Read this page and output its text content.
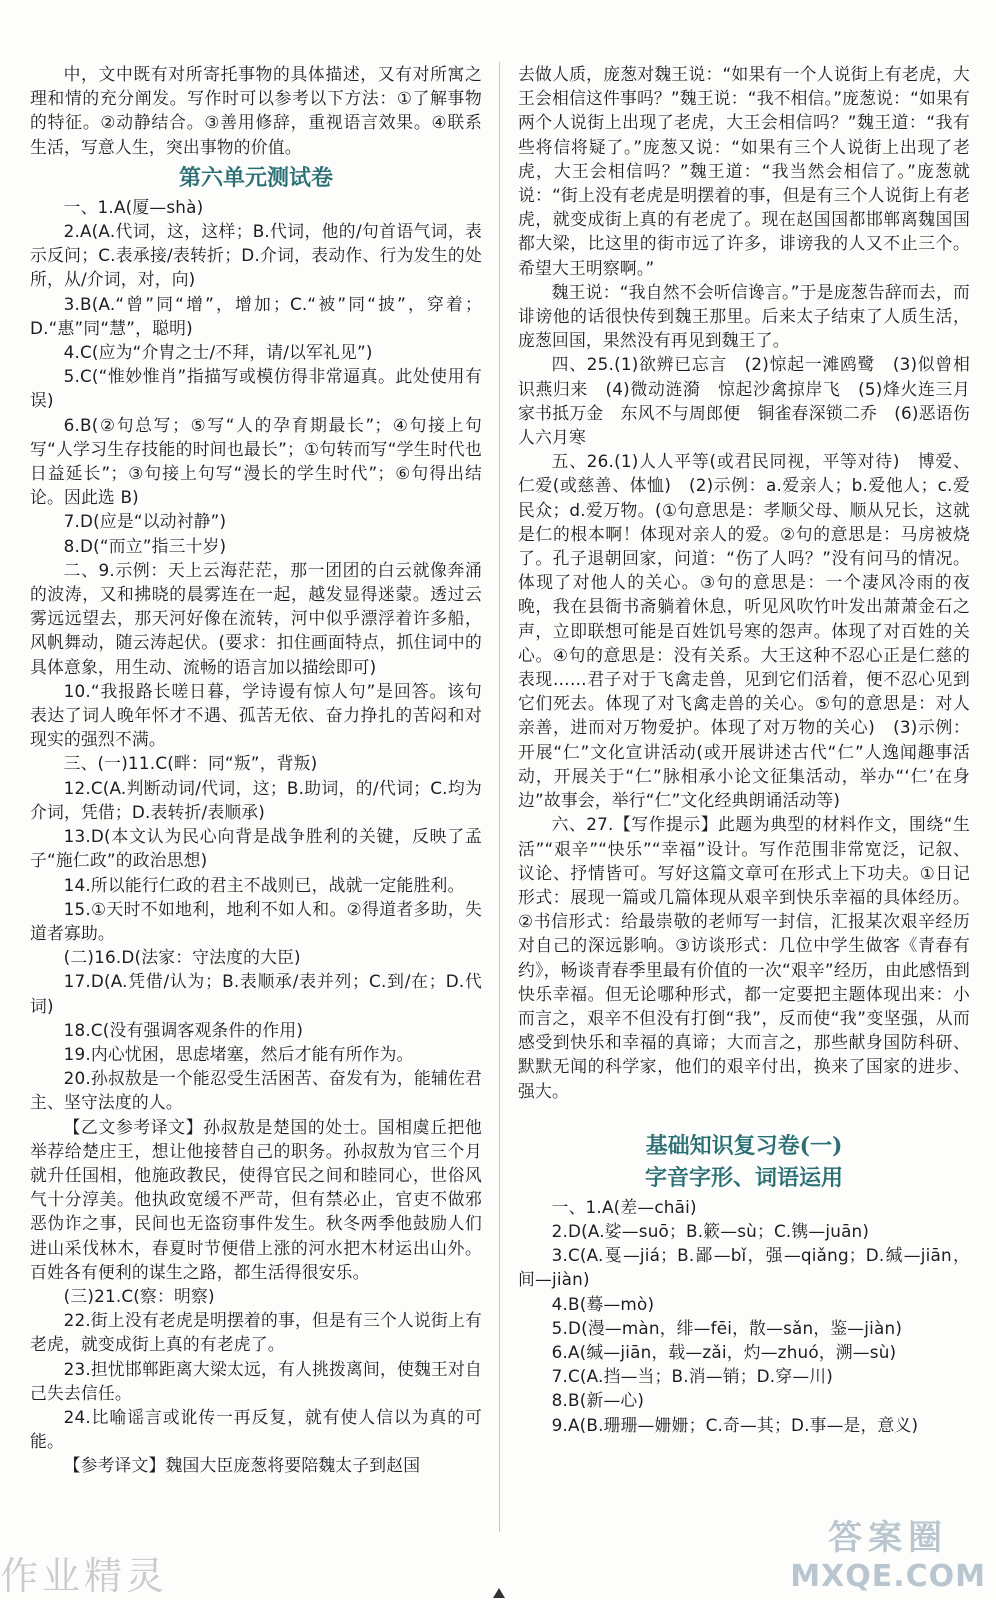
中，文中既有对所寄托事物的具体描述，又有对所寓之理和情的充分阐发。写作时可以参考以下方法：①了解事物的特征。②动静结合。③善用修辞，重视语言效果。④联系生活，写意人生，突出事物的价值。

第六单元测试卷

一、1.A(厦—shà)

2.A(A.代词，这，这样；B.代词，他的/句首语气词，表示反问；C.表承接/表转折；D.介词，表动作、行为发生的处所，从/介词，对，向)

3.B(A.“曾”同“增”，增加；C.“被”同“披”，穿着；D.“惠”同“慧”，聪明)

4.C(应为“介胄之士/不拜，请/以军礼见”)

5.C(“惟妙惟肖”指描写或模仿得非常逼真。此处使用有误)

6.B(②句总写；⑤写“人的孕育期最长”；④句接上句写“人学习生存技能的时间也最长”；①句转而写“学生时代也日益延长”；③句接上句写“漫长的学生时代”；⑥句得出结论。因此选 B)

7.D(应是“以动衬静”)

8.D(“而立”指三十岁)

二、9.示例：天上云海茫茫，那一团团的白云就像奔涌的波涛，又和拂晓的晨雾连在一起，越发显得迷蒙。透过云雾远远望去，那天河好像在流转，河中似乎漂浮着许多船，风帆舞动，随云涛起伏。(要求：扣住画面特点，抓住词中的具体意象，用生动、流畅的语言加以描绘即可)

10.“我报路长嗟日暮，学诗谩有惊人句”是回答。该句表达了词人晚年怀才不遇、孤苦无依、奋力挣扎的苦闷和对现实的强烈不满。

三、(一)11.C(畔：同“叛”，背叛)

12.C(A.判断动词/代词，这；B.助词，的/代词；C.均为介词，凭借；D.表转折/表顺承)

13.D(本文认为民心向背是战争胜利的关键，反映了孟子“施仁政”的政治思想)

14.所以能行仁政的君主不战则已，战就一定能胜利。

15.①天时不如地利，地利不如人和。②得道者多助，失道者寡助。

(二)16.D(法家：守法度的大臣)

17.D(A.凭借/认为；B.表顺承/表并列；C.到/在；D.代词)

18.C(没有强调客观条件的作用)

19.内心忧困，思虑堵塞，然后才能有所作为。

20.孙叔敖是一个能忍受生活困苦、奋发有为，能辅佐君主、坚守法度的人。

【乙文参考译文】孙叔敖是楚国的处士。国相虞丘把他举荐给楚庄王，想让他接替自己的职务。孙叔敖为官三个月就升任国相，他施政教民，使得官民之间和睦同心，世俗风气十分淳美。他执政宽缓不严苛，但有禁必止，官吏不做邪恶伪诈之事，民间也无盗窃事件发生。秋冬两季他鼓励人们进山采伐林木，春夏时节便借上涨的河水把木材运出山外。百姓各有便利的谋生之路，都生活得很安乐。

(三)21.C(察：明察)

22.街上没有老虎是明摆着的事，但是有三个人说街上有老虎，就变成街上真的有老虎了。

23.担忧邯郸距离大梁太远，有人挑拨离间，使魏王对自己失去信任。

24.比喻谣言或讹传一再反复，就有使人信以为真的可能。

【参考译文】魏国大臣庞葱将要陪魏太子到赵国

去做人质，庞葱对魏王说：“如果有一个人说街上有老虎，大王会相信这件事吗？”魏王说：“我不相信。”庞葱说：“如果有两个人说街上出现了老虎，大王会相信吗？”魏王道：“我有些将信将疑了。”庞葱又说：“如果有三个人说街上出现了老虎，大王会相信吗？”魏王道：“我当然会相信了。”庞葱就说：“街上没有老虎是明摆着的事，但是有三个人说街上有老虎，就变成街上真的有老虎了。现在赵国国都邯郸离魏国国都大梁，比这里的街市远了许多，诽谤我的人又不止三个。希望大王明察啊。”

魏王说：“我自然不会听信谗言。”于是庞葱告辞而去，而诽谤他的话很快传到魏王那里。后来太子结束了人质生活，庞葱回国，果然没有再见到魏王了。

四、25.(1)欲辨已忘言　(2)惊起一滩鸥鹭　(3)似曾相识燕归来　(4)微动涟漪　惊起沙禽掠岸飞　(5)烽火连三月　家书抵万金　东风不与周郎便　铜雀春深锁二乔　(6)恶语伤人六月寒

五、26.(1)人人平等(或君民同视，平等对待)　博爱、仁爱(或慈善、体恤)　(2)示例：a.爱亲人；b.爱他人；c.爱民众；d.爱万物。(①句意思是：孝顺父母、顺从兄长，这就是仁的根本啊！体现对亲人的爱。②句的意思是：马房被烧了。孔子退朝回家，问道：“伤了人吗？”没有问马的情况。体现了对他人的关心。③句的意思是：一个凄风冷雨的夜晚，我在县衙书斋躺着休息，听见风吹竹叶发出萧萧金石之声，立即联想可能是百姓饥号寒的怨声。体现了对百姓的关心。④句的意思是：没有关系。大王这种不忍心正是仁慈的表现……君子对于飞禽走兽，见到它们活着，便不忍心见到它们死去。体现了对飞禽走兽的关心。⑤句的意思是：对人亲善，进而对万物爱护。体现了对万物的关心)　(3)示例：开展“仁”文化宣讲活动(或开展讲述古代“仁”人逸闻趣事活动，开展关于“仁”脉相承小论文征集活动，举办“‘仁’在身边”故事会，举行“仁”文化经典朗诵活动等)

六、27.【写作提示】此题为典型的材料作文，围绕“生活”“艰辛”“快乐”“幸福”设计。写作范围非常宽泛，记叙、议论、抒情皆可。写好这篇文章可在形式上下功夫。①日记形式：展现一篇或几篇体现从艰辛到快乐幸福的具体经历。②书信形式：给最崇敬的老师写一封信，汇报某次艰辛经历对自己的深远影响。③访谈形式：几位中学生做客《青春有约》，畅谈青春季里最有价值的一次“艰辛”经历，由此感悟到快乐幸福。但无论哪种形式，都一定要把主题体现出来：小而言之，艰辛不但没有打倒“我”，反而使“我”变坚强，从而感受到快乐和幸福的真谛；大而言之，那些献身国防科研、默默无闻的科学家，他们的艰辛付出，换来了国家的进步、强大。

基础知识复习卷(一)
字音字形、词语运用

一、1.A(差—chāi)

2.D(A.娑—suō；B.簌—sù；C.镌—juān)

3.C(A.戛—jiá；B.鄙—bǐ，强—qiǎng；D.缄—jiān，间—jiàn)

4.B(蓦—mò)

5.D(漫—màn，绯—fēi，散—sǎn，鉴—jiàn)

6.A(缄—jiān，载—zǎi，灼—zhuó，溯—sù)

7.C(A.挡—当；B.消—销；D.穿—川)

8.B(新—心)

9.A(B.珊珊—姗姗；C.奇—其；D.事—是，意义)

作业精灵
答案圈
MXQE.COM
